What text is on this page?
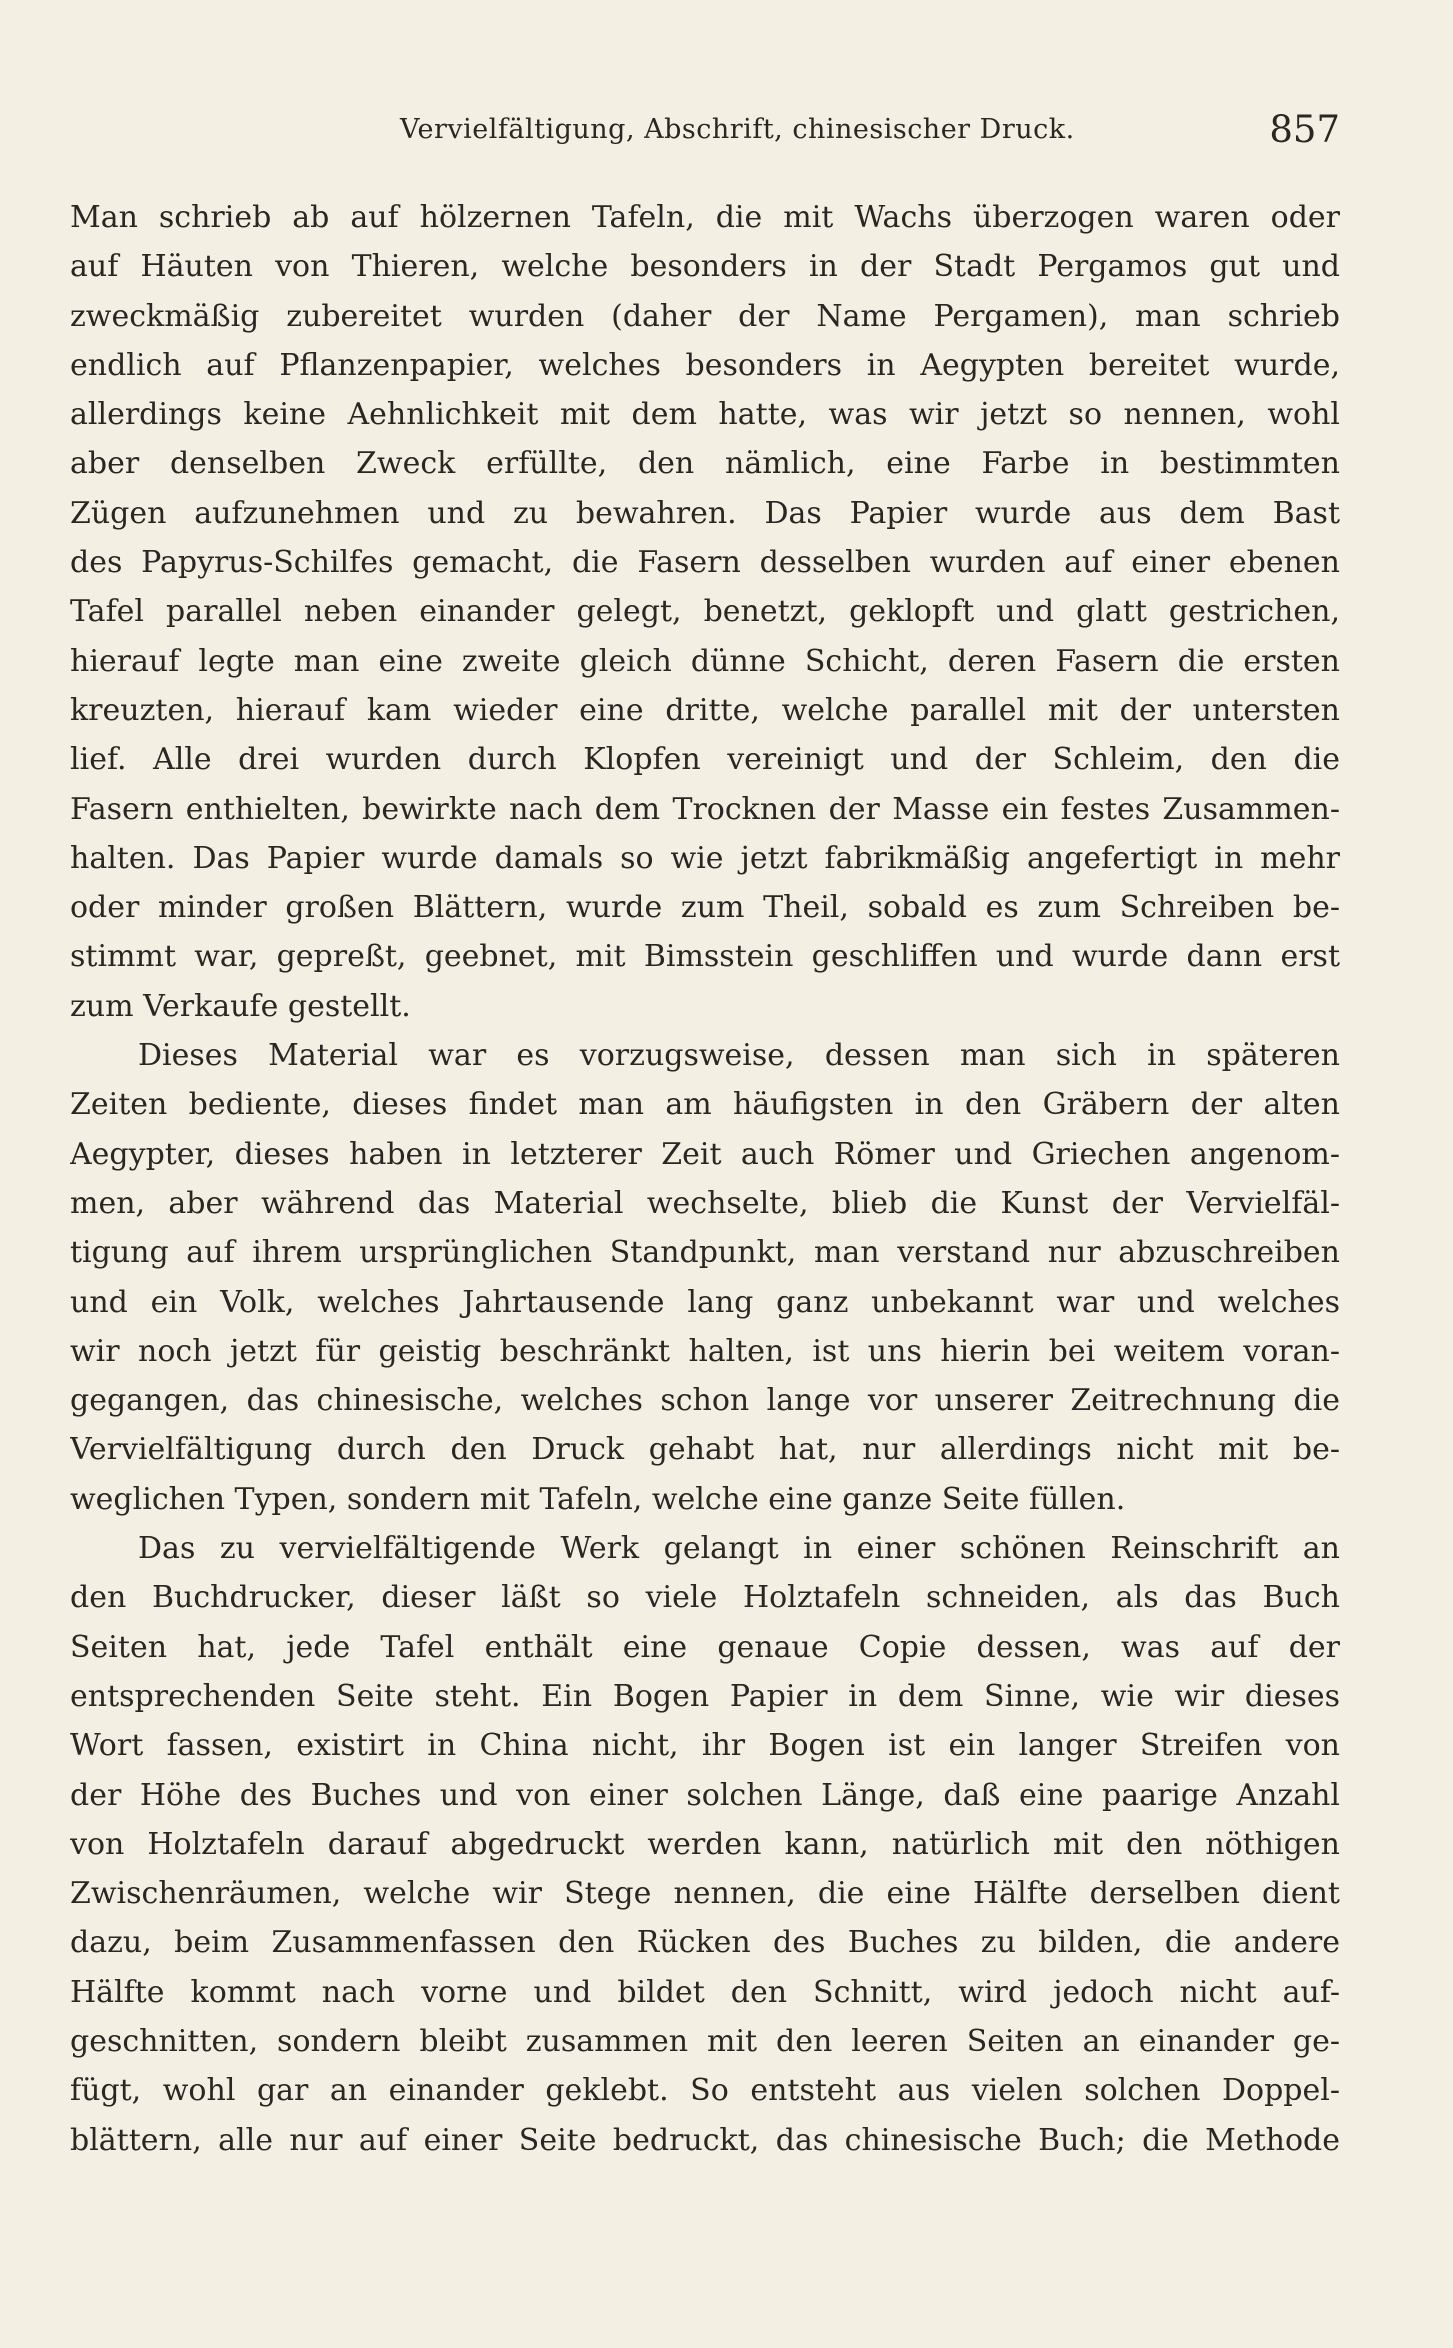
Vervielfältigung, Abschrift, chinesischer Druck.	857
Man schrieb ab auf hölzernen Tafeln, die mit Wachs überzogen waren oder
auf Häuten von Thieren, welche besonders in der Stadt Pergamos gut und
zweckmäßig zubereitet wurden (daher der Name Pergamen), man schrieb
endlich auf Pflanzenpapier, welches besonders in Aegypten bereitet wurde,
allerdings keine Aehnlichkeit mit dem hatte, was wir jetzt so nennen, wohl
aber denselben Zweck erfüllte, den nämlich, eine Farbe in bestimmten
Zügen aufzunehmen und zu bewahren. Das Papier wurde aus dem Bast
des Papyrus-Schilfes gemacht, die Fasern desselben wurden auf einer ebenen
Tafel parallel neben einander gelegt, benetzt, geklopft und glatt gestrichen,
hierauf legte man eine zweite gleich dünne Schicht, deren Fasern die ersten
kreuzten, hierauf kam wieder eine dritte, welche parallel mit der untersten
lief. Alle drei wurden durch Klopfen vereinigt und der Schleim, den die
Fasern enthielten, bewirkte nach dem Trocknen der Masse ein festes Zusammen-
halten. Das Papier wurde damals so wie jetzt fabrikmäßig angefertigt in mehr
oder minder großen Blättern, wurde zum Theil, sobald es zum Schreiben be-
stimmt war, gepreßt, geebnet, mit Bimsstein geschliffen und wurde dann erst
zum Verkaufe gestellt.
Dieses Material war es vorzugsweise, dessen man sich in späteren
Zeiten bediente, dieses findet man am häufigsten in den Gräbern der alten
Aegypter, dieses haben in letzterer Zeit auch Römer und Griechen angenom-
men, aber während das Material wechselte, blieb die Kunst der Vervielfäl-
tigung auf ihrem ursprünglichen Standpunkt, man verstand nur abzuschreiben
und ein Volk, welches Jahrtausende lang ganz unbekannt war und welches
wir noch jetzt für geistig beschränkt halten, ist uns hierin bei weitem voran-
gegangen, das chinesische, welches schon lange vor unserer Zeitrechnung die
Vervielfältigung durch den Druck gehabt hat, nur allerdings nicht mit be-
weglichen Typen, sondern mit Tafeln, welche eine ganze Seite füllen.
Das zu vervielfältigende Werk gelangt in einer schönen Reinschrift an
den Buchdrucker, dieser läßt so viele Holztafeln schneiden, als das Buch
Seiten hat, jede Tafel enthält eine genaue Copie dessen, was auf der
entsprechenden Seite steht. Ein Bogen Papier in dem Sinne, wie wir dieses
Wort fassen, existirt in China nicht, ihr Bogen ist ein langer Streifen von
der Höhe des Buches und von einer solchen Länge, daß eine paarige Anzahl
von Holztafeln darauf abgedruckt werden kann, natürlich mit den nöthigen
Zwischenräumen, welche wir Stege nennen, die eine Hälfte derselben dient
dazu, beim Zusammenfassen den Rücken des Buches zu bilden, die andere
Hälfte kommt nach vorne und bildet den Schnitt, wird jedoch nicht auf-
geschnitten, sondern bleibt zusammen mit den leeren Seiten an einander ge-
fügt, wohl gar an einander geklebt. So entsteht aus vielen solchen Doppel-
blättern, alle nur auf einer Seite bedruckt, das chinesische Buch; die Methode
